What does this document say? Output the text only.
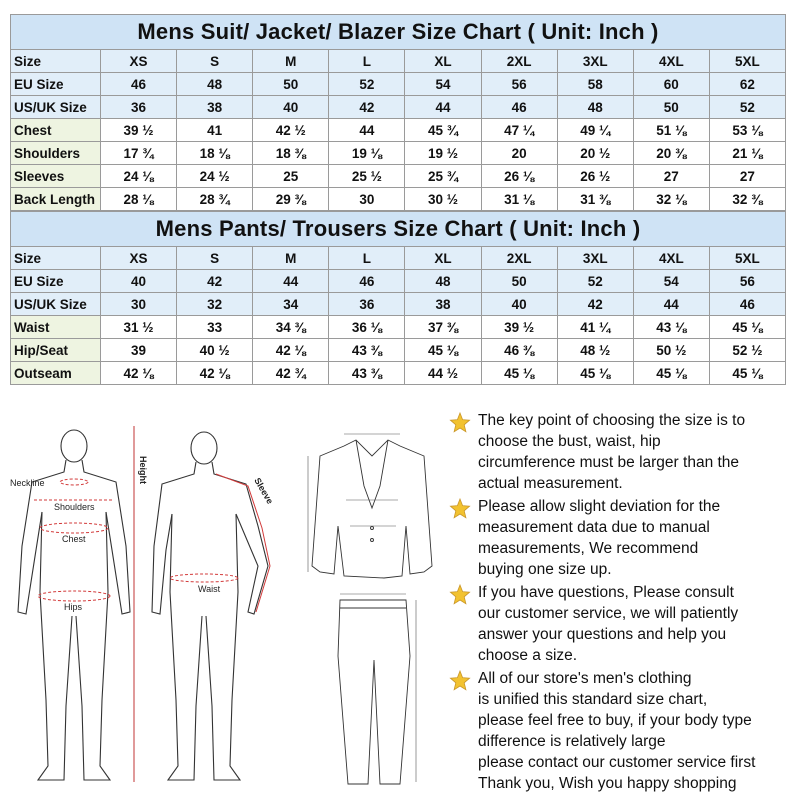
Mens Suit/ Jacket/ Blazer Size Chart ( Unit: Inch )									
Size	XS	S	M	L	XL	2XL	3XL	4XL	5XL
EU Size	46	48	50	52	54	56	58	60	62
US/UK Size	36	38	40	42	44	46	48	50	52
Chest	39 ½	41	42 ½	44	45 ¾	47 ¼	49 ¼	51 ⅛	53 ⅛
Shoulders	17 ¾	18 ⅛	18 ⅜	19 ⅛	19 ½	20	20 ½	20 ⅜	21 ⅛
Sleeves	24 ⅛	24 ½	25	25 ½	25 ¾	26 ⅛	26 ½	27	27
Back Length	28 ⅛	28 ¾	29 ⅜	30	30 ½	31 ⅛	31 ⅜	32 ⅛	32 ⅜
Mens Pants/ Trousers Size Chart ( Unit: Inch )									
Size	XS	S	M	L	XL	2XL	3XL	4XL	5XL
EU Size	40	42	44	46	48	50	52	54	56
US/UK Size	30	32	34	36	38	40	42	44	46
Waist	31 ½	33	34 ⅜	36 ⅛	37 ⅜	39 ½	41 ¼	43 ⅛	45 ⅛
Hip/Seat	39	40 ½	42 ⅛	43 ⅜	45 ⅛	46 ⅜	48 ½	50 ½	52 ½
Outseam	42 ⅛	42 ⅛	42 ¾	43 ⅜	44 ½	45 ⅛	45 ⅛	45 ⅛	45 ⅛
Neckline
Shoulders
Chest
Hips
Height
Sleeve
Waist
The key point of choosing the size is to
choose the bust, waist, hip
circumference must be larger than the
actual measurement.
Please allow slight deviation for the
measurement data due to manual
measurements, We recommend
buying one size up.
If you have questions, Please consult
our customer service, we will patiently
answer your questions and help you
choose a size.
All of our store's men's clothing
is unified this standard size chart,
please feel free to buy, if your body type
difference is relatively large
please contact our customer service first
Thank you, Wish you happy shopping
